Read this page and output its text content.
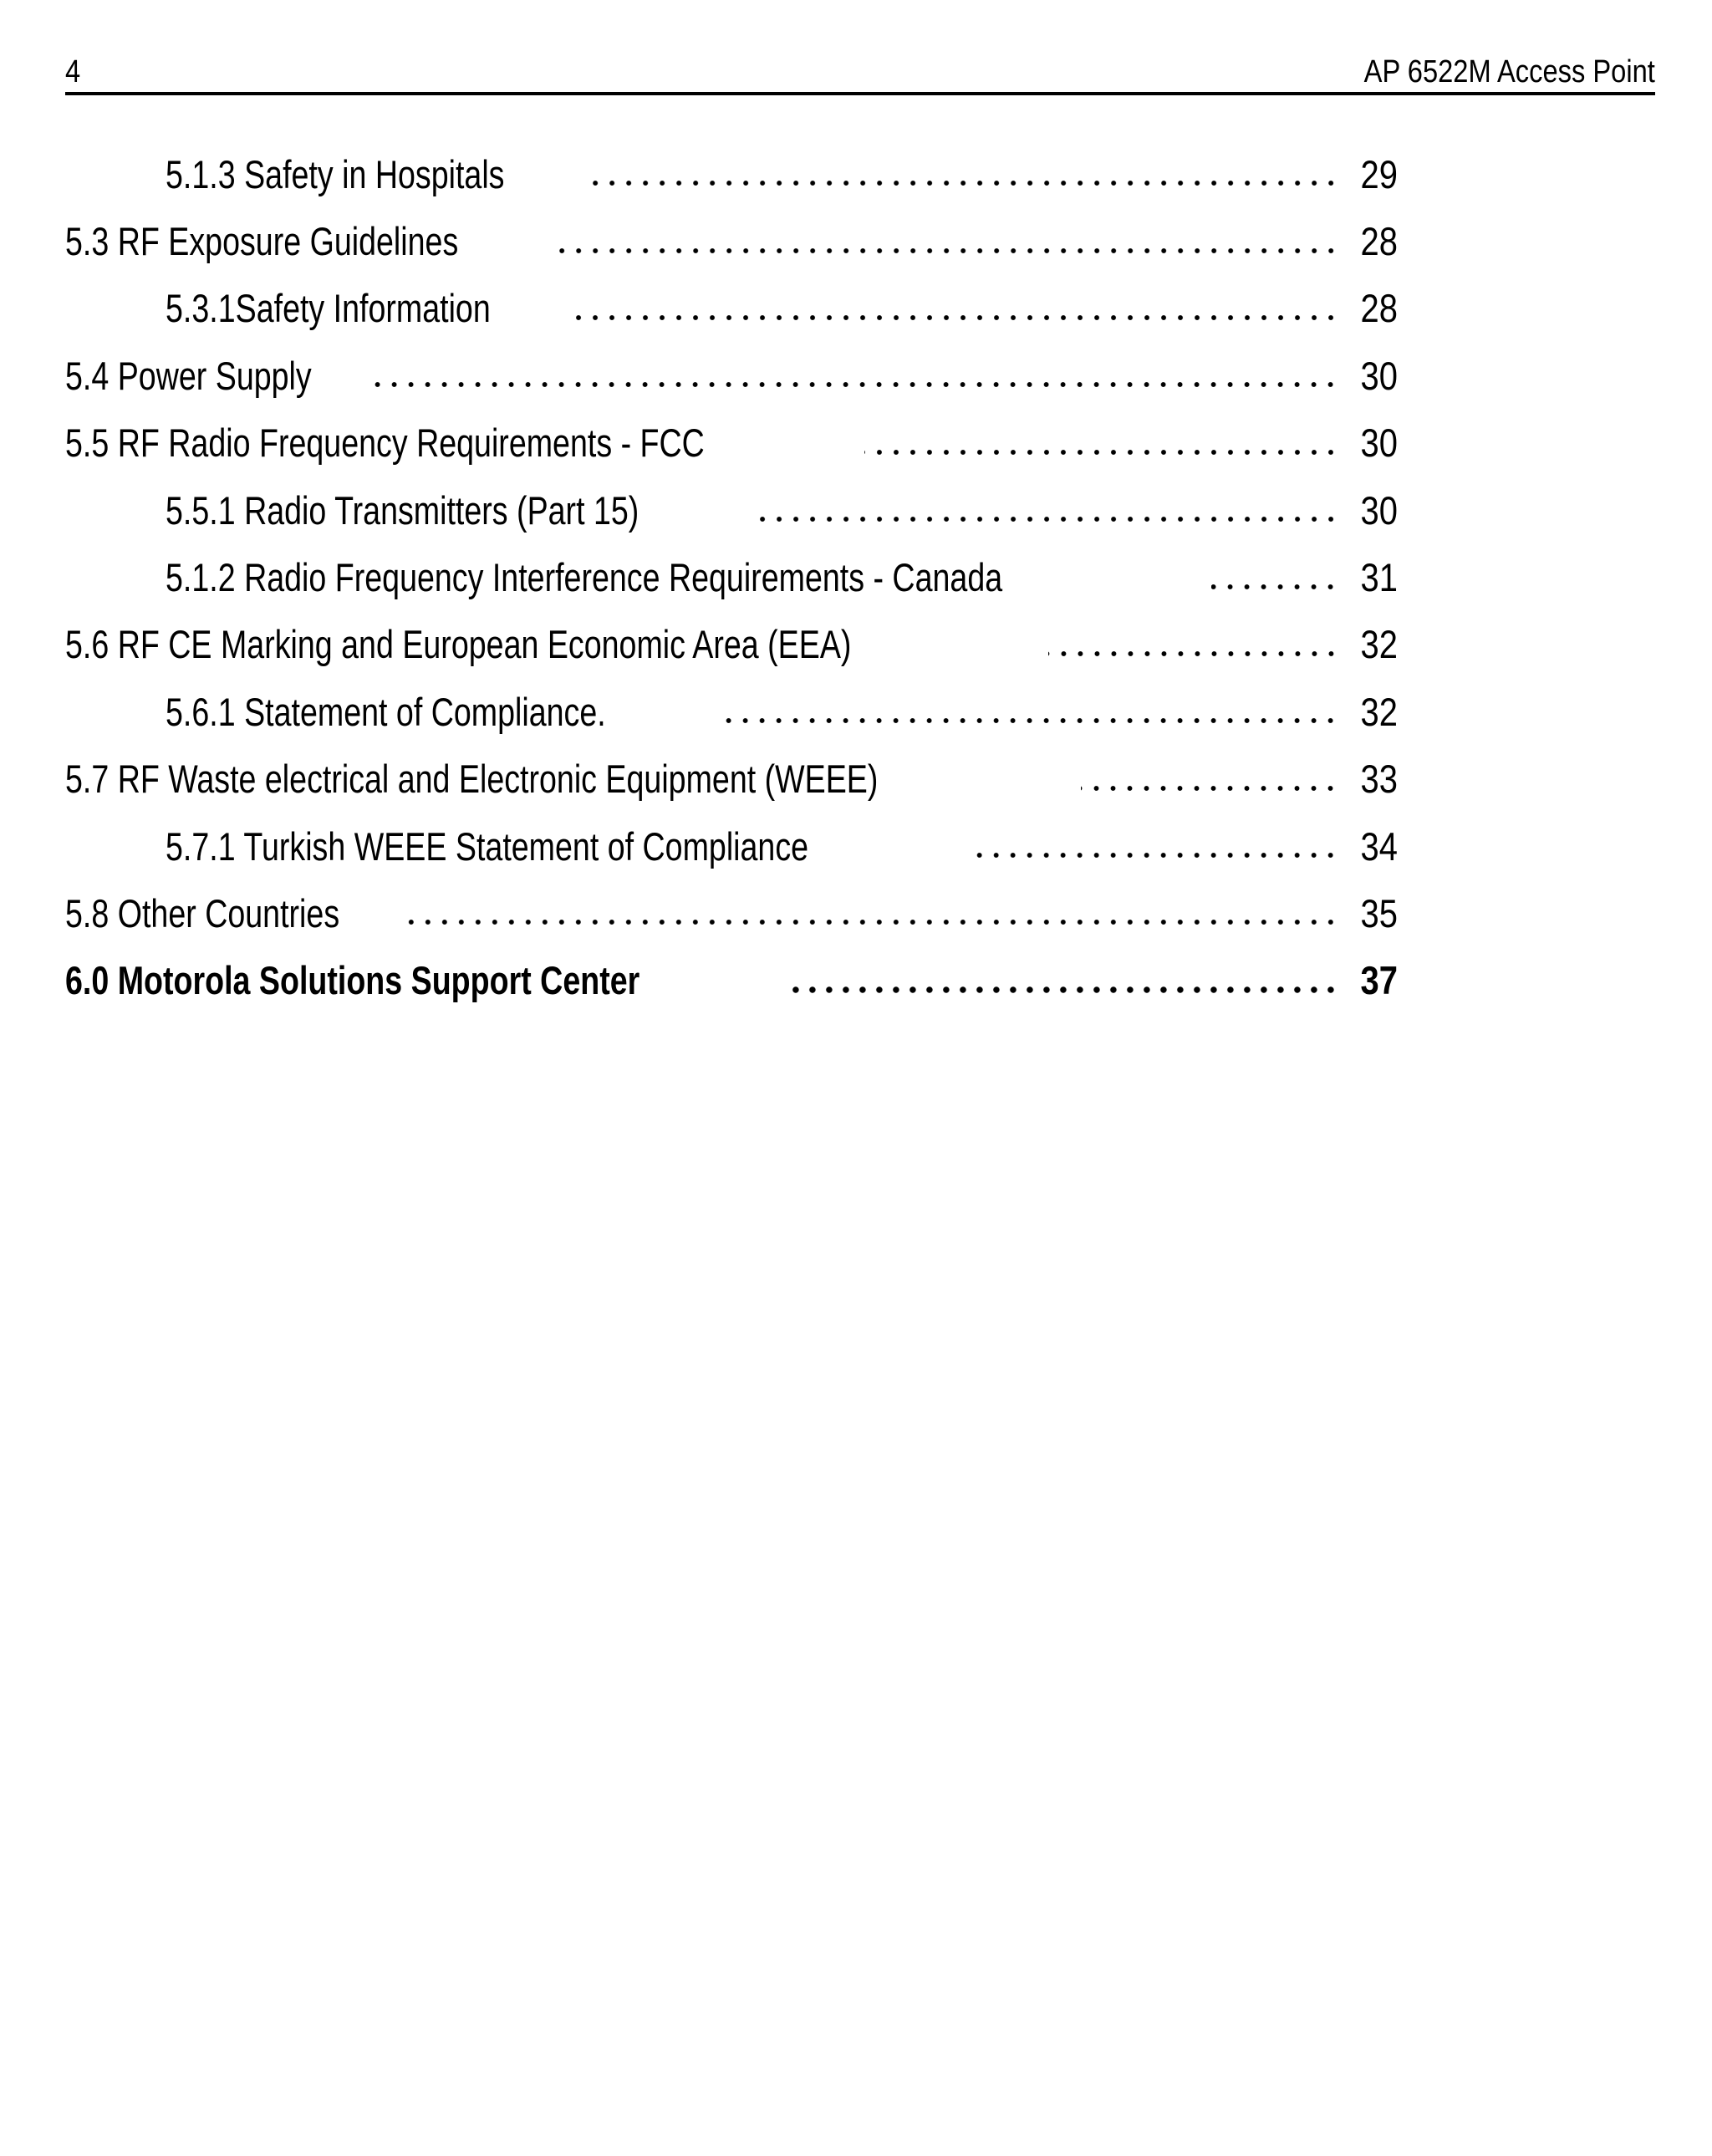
4	AP 6522M Access Point
5.1.3 Safety in Hospitals	29
5.3 RF Exposure Guidelines	28
5.3.1Safety Information	28
5.4 Power Supply	30
5.5 RF Radio Frequency Requirements - FCC	30
5.5.1 Radio Transmitters (Part 15)	30
5.1.2 Radio Frequency Interference Requirements - Canada	31
5.6 RF CE Marking and European Economic Area (EEA)	32
5.6.1 Statement of Compliance.	32
5.7 RF Waste electrical and Electronic Equipment (WEEE)	33
5.7.1 Turkish WEEE Statement of Compliance	34
5.8 Other Countries	35
6.0 Motorola Solutions Support Center	37
